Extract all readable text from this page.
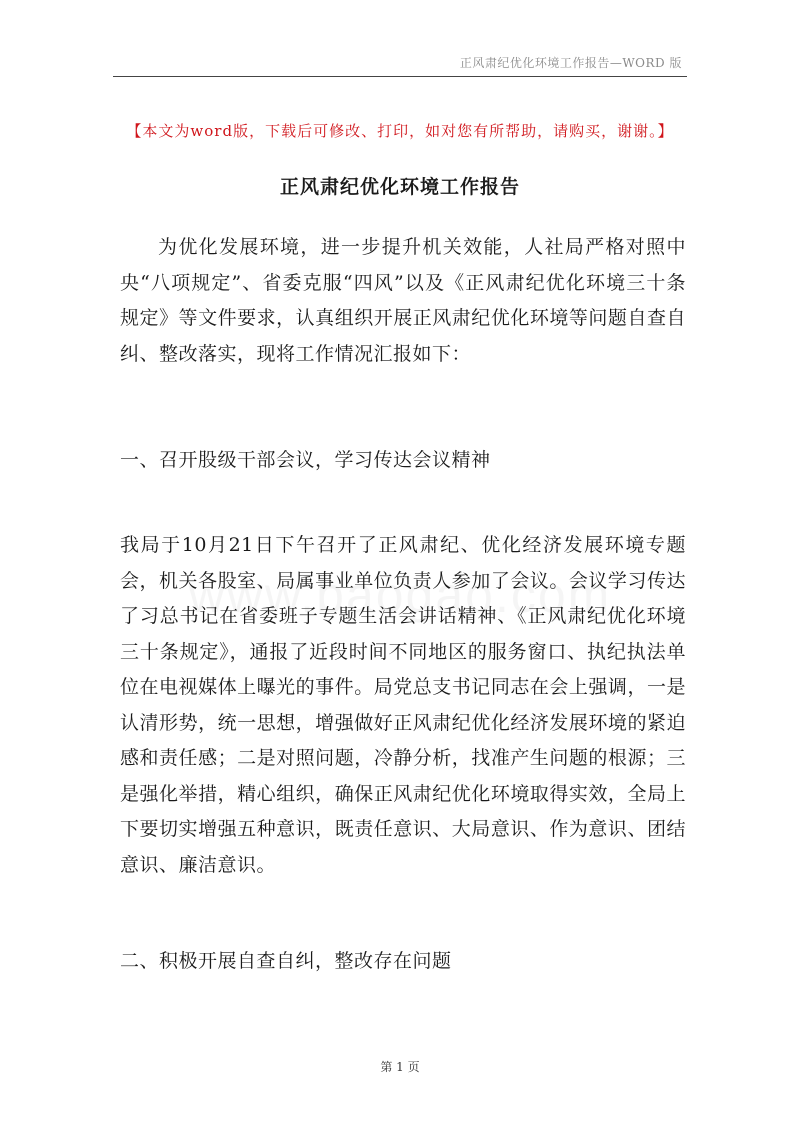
正风肃纪优化环境工作报告—WORD 版
【本文为word版，下载后可修改、打印，如对您有所帮助，请购买，谢谢。】
正风肃纪优化环境工作报告

为优化发展环境，进一步提升机关效能，人社局严格对照中央“八项规定”、省委克服“四风”以及《正风肃纪优化环境三十条规定》等文件要求，认真组织开展正风肃纪优化环境等问题自查自纠、整改落实，现将工作情况汇报如下：

一、召开股级干部会议，学习传达会议精神

我局于10月21日下午召开了正风肃纪、优化经济发展环境专题会，机关各股室、局属事业单位负责人参加了会议。会议学习传达了习总书记在省委班子专题生活会讲话精神、《正风肃纪优化环境三十条规定》，通报了近段时间不同地区的服务窗口、执纪执法单位在电视媒体上曝光的事件。局党总支书记同志在会上强调，一是认清形势，统一思想，增强做好正风肃纪优化经济发展环境的紧迫感和责任感；二是对照问题，冷静分析，找准产生问题的根源；三是强化举措，精心组织，确保正风肃纪优化环境取得实效，全局上下要切实增强五种意识，既责任意识、大局意识、作为意识、团结意识、廉洁意识。

二、积极开展自查自纠，整改存在问题
第 1 页
